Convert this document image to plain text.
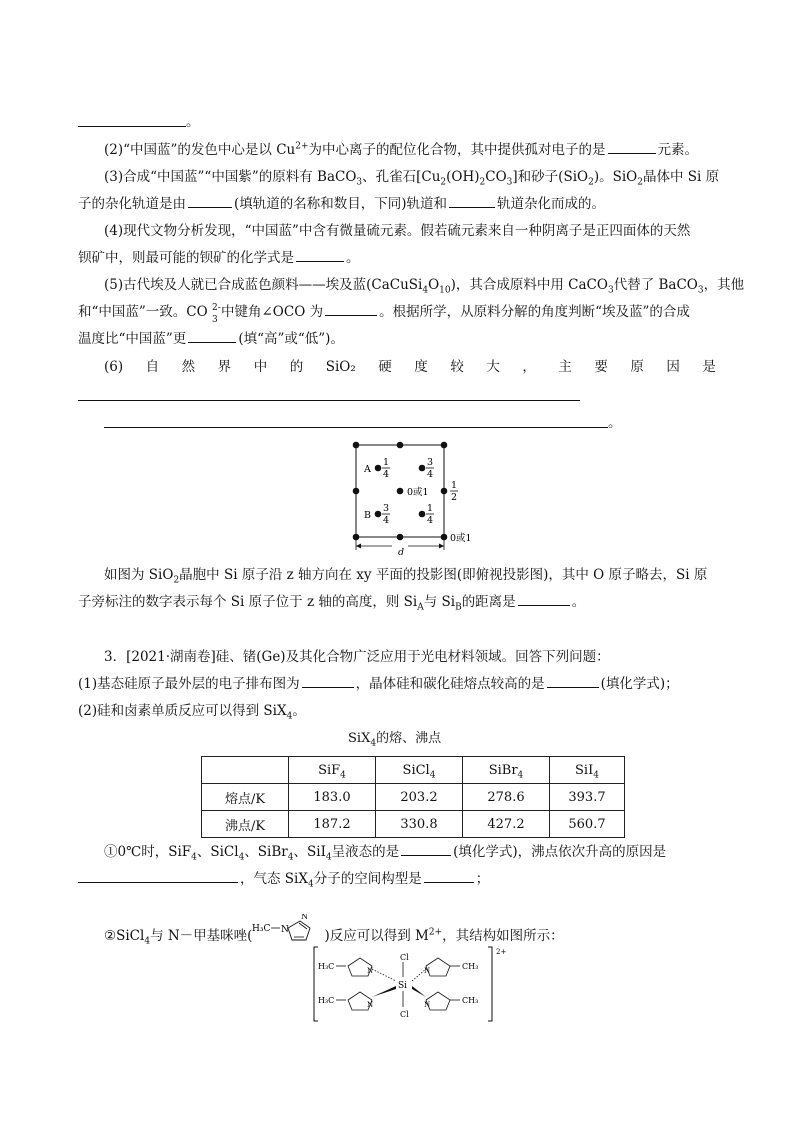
。
(2)“中国蓝”的发色中心是以 $Cu^{2+}$为中心离子的配位化合物，其中提供孤对电子的是	元素。
(3)合成“中国蓝”“中国紫”的原料有 BaCO$_3$、孔雀石$[Cu_2(OH)_2CO_3]$和砂子(SiO$_2$)。SiO$_2$晶体中 Si 原
子的杂化轨道是由	(填轨道的名称和数目，下同)轨道和	轨道杂化而成的。
(4)现代文物分析发现，“中国蓝”中含有微量硫元素。假若硫元素来自一种阴离子是正四面体的天然
钡矿中，则最可能的钡矿的化学式是	。
(5)古代埃及人就已合成蓝色颜料——埃及蓝$(CaCuSi_4O_{10})$，其合成原料中用 CaCO$_3$代替了 BaCO$_3$，其他
和“中国蓝”一致。CO 2-
3 中键角∠OCO 为	。根据所学，从原料分解的角度判断“埃及蓝”的合成
温度比“中国蓝”更	(填“高”或“低”)。
(6) 自 然 界 中 的 SiO₂ 硬 度 较 大 ， 主 要 原 因 是
。
A
B
1
4
3
4
3
4
1
4
0或1
1
2
0或1
d
如图为 SiO$_2$晶胞中 Si 原子沿 z 轴方向在 xy 平面的投影图(即俯视投影图)，其中 O 原子略去，Si 原
子旁标注的数字表示每个 Si 原子位于 z 轴的高度，则 $Si_A$与 $Si_B$的距离是	。
3．[2021·湖南卷]硅、锗(Ge)及其化合物广泛应用于光电材料领域。回答下列问题：
(1)基态硅原子最外层的电子排布图为	，晶体硅和碳化硅熔点较高的是	(填化学式)；
(2)硅和卤素单质反应可以得到 SiX$_4$。
SiX$_4$的熔、沸点
	SiF$_4$	SiCl$_4$	SiBr$_4$	SiI$_4$
熔点/K	183.0	203.2	278.6	393.7
沸点/K	187.2	330.8	427.2	560.7
①0℃时，SiF$_4$、SiCl$_4$、SiBr$_4$、SiI$_4$呈液态的是	(填化学式)，沸点依次升高的原因是
，气态 SiX$_4$分子的空间构型是	；
②SiCl$_4$与 N－甲基咪唑( H₃C N
N
)反应可以得到 $M^{2+}$，其结构如图所示：
2+
H₃C
H₃C
CH₃
CH₃
Cl
Cl
Si
N
N
N
N
